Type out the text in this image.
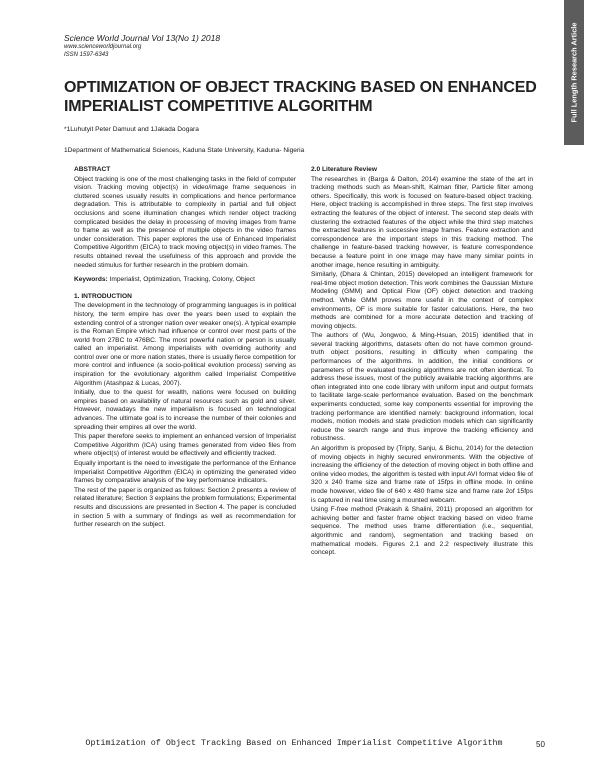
Science World Journal Vol 13(No 1) 2018
www.scienceworldjournal.org
ISSN 1597-6343	Full Length Research Article
OPTIMIZATION OF OBJECT TRACKING BASED ON ENHANCED IMPERIALIST COMPETITIVE ALGORITHM
*1Luhutyit Peter Damuut and 1Jakada Dogara
1Department of Mathematical Sciences, Kaduna State University, Kaduna- Nigeria
ABSTRACT

Object tracking is one of the most challenging tasks in the field of computer vision. Tracking moving object(s) in video/image frame sequences in cluttered scenes usually results in complications and hence performance degradation. This is attributable to complexity in partial and full object occlusions and scene illumination changes which render object tracking complicated besides the delay in processing of moving images from frame to frame as well as the presence of multiple objects in the video frames under consideration. This paper explores the use of Enhanced Imperialist Competitive Algorithm (EICA) to track moving object(s) in video frames. The results obtained reveal the usefulness of this approach and provide the needed stimulus for further research in the problem domain.

Keywords: Imperialist, Optimization, Tracking, Colony, Object

1. INTRODUCTION

The development in the technology of programming languages is in political history, the term empire has over the years been used to explain the extending control of a stronger nation over weaker one(s). A typical example is the Roman Empire which had influence or control over most parts of the world from 27BC to 476BC. The most powerful nation or person is usually called an imperialist. Among imperialists with overriding authority and control over one or more nation states, there is usually fierce competition for more control and influence (a socio-political evolution process) serving as inspiration for the evolutionary algorithm called Imperialist Competitive Algorithm (Atashpaz & Lucas, 2007).

Initially, due to the quest for wealth, nations were focused on building empires based on availability of natural resources such as gold and silver. However, nowadays the new imperialism is focused on technological advances. The ultimate goal is to increase the number of their colonies and spreading their empires all over the world.

This paper therefore seeks to implement an enhanced version of Imperialist Competitive Algorithm (ICA) using frames generated from video files from where object(s) of interest would be effectively and efficiently tracked.

Equally important is the need to investigate the performance of the Enhance Imperialist Competitive Algorithm (EICA) in optimizing the generated video frames by comparative analysis of the key performance indicators.

The rest of the paper is organized as follows: Section 2 presents a review of related literature; Section 3 explains the problem formulations; Experimental results and discussions are presented in Section 4. The paper is concluded in section 5 with a summary of findings as well as recommendation for further research on the subject.

2.0 Literature Review

The researches in (Barga & Dalton, 2014) examine the state of the art in tracking methods such as Mean-shift, Kalman filter, Particle filter among others. Specifically, this work is focused on feature-based object tracking. Here, object tracking is accomplished in three steps. The first step involves extracting the features of the object of interest. The second step deals with clustering the extracted features of the object while the third step matches the extracted features in successive image frames. Feature extraction and correspondence are the important steps in this tracking method. The challenge in feature-based tracking however, is feature correspondence because a feature point in one image may have many similar points in another image, hence resulting in ambiguity.

Similarly, (Dhara & Chintan, 2015) developed an intelligent framework for real-time object motion detection. This work combines the Gaussian Mixture Modeling (GMM) and Optical Flow (OF) object detection and tracking method. While GMM proves more useful in the context of complex environments, OF is more suitable for faster calculations. Here, the two methods are combined for a more accurate detection and tracking of moving objects.

The authors of (Wu, Jongwoo, & Ming-Hsuan, 2015) identified that in several tracking algorithms, datasets often do not have common ground-truth object positions, resulting in difficulty when comparing the performances of the algorithms. In addition, the initial conditions or parameters of the evaluated tracking algorithms are not often identical. To address these issues, most of the publicly available tracking algorithms are often integrated into one code library with uniform input and output formats to facilitate large-scale performance evaluation. Based on the benchmark experiments conducted, some key components essential for improving the tracking performance are identified namely: background information, local models, motion models and state prediction models which can significantly reduce the search range and thus improve the tracking efficiency and robustness.

An algorithm is proposed by (Tripty, Sanju, & Bichu, 2014) for the detection of moving objects in highly secured environments. With the objective of increasing the efficiency of the detection of moving object in both offline and online video modes, the algorithm is tested with input AVI format video file of 320 x 240 frame size and frame rate of 15fps in offline mode. In online mode however, video file of 640 x 480 frame size and frame rate 2of 15fps is captured in real time using a mounted webcam.

Using F-free method (Prakash & Shalini, 2011) proposed an algorithm for achieving better and faster frame object tracking based on video frame sequence. The method uses frame differentiation (i.e., sequential, algorithmic and random), segmentation and tracking based on mathematical models. Figures 2.1 and 2.2 respectively illustrate this concept.

Optimization of Object Tracking Based on Enhanced Imperialist Competitive Algorithm	50
